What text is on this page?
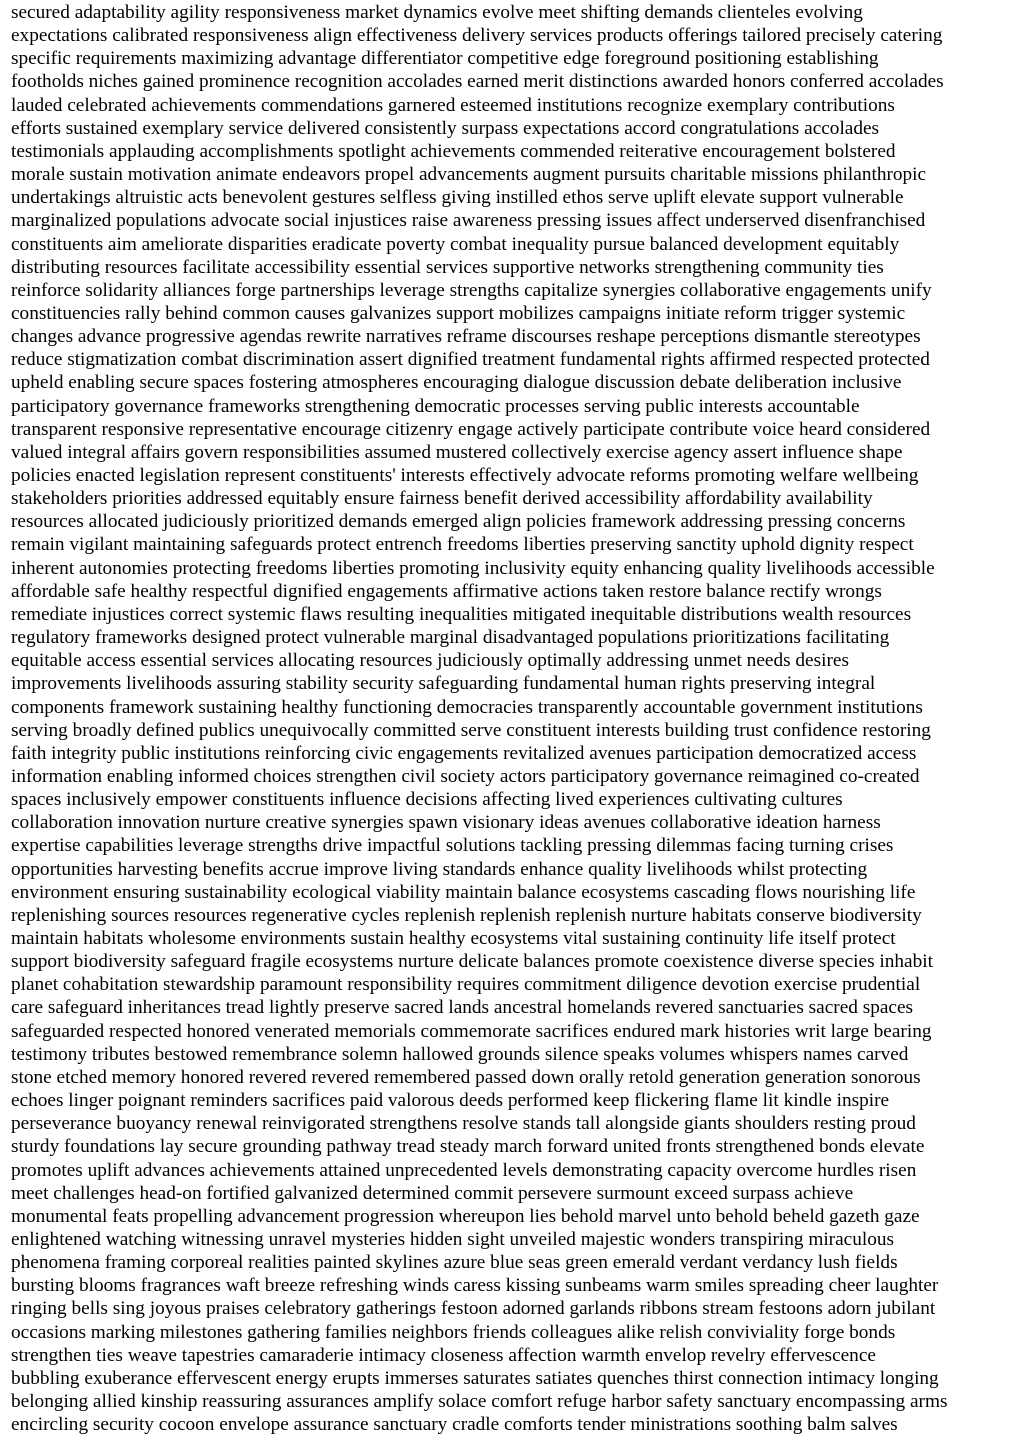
secured adaptability agility responsiveness market dynamics evolve meet shifting demands clienteles evolving
expectations calibrated responsiveness align effectiveness delivery services products offerings tailored precisely catering
specific requirements maximizing advantage differentiator competitive edge foreground positioning establishing
footholds niches gained prominence recognition accolades earned merit distinctions awarded honors conferred accolades
lauded celebrated achievements commendations garnered esteemed institutions recognize exemplary contributions
efforts sustained exemplary service delivered consistently surpass expectations accord congratulations accolades
testimonials applauding accomplishments spotlight achievements commended reiterative encouragement bolstered
morale sustain motivation animate endeavors propel advancements augment pursuits charitable missions philanthropic
undertakings altruistic acts benevolent gestures selfless giving instilled ethos serve uplift elevate support vulnerable
marginalized populations advocate social injustices raise awareness pressing issues affect underserved disenfranchised
constituents aim ameliorate disparities eradicate poverty combat inequality pursue balanced development equitably
distributing resources facilitate accessibility essential services supportive networks strengthening community ties
reinforce solidarity alliances forge partnerships leverage strengths capitalize synergies collaborative engagements unify
constituencies rally behind common causes galvanizes support mobilizes campaigns initiate reform trigger systemic
changes advance progressive agendas rewrite narratives reframe discourses reshape perceptions dismantle stereotypes
reduce stigmatization combat discrimination assert dignified treatment fundamental rights affirmed respected protected
upheld enabling secure spaces fostering atmospheres encouraging dialogue discussion debate deliberation inclusive
participatory governance frameworks strengthening democratic processes serving public interests accountable
transparent responsive representative encourage citizenry engage actively participate contribute voice heard considered
valued integral affairs govern responsibilities assumed mustered collectively exercise agency assert influence shape
policies enacted legislation represent constituents' interests effectively advocate reforms promoting welfare wellbeing
stakeholders priorities addressed equitably ensure fairness benefit derived accessibility affordability availability
resources allocated judiciously prioritized demands emerged align policies framework addressing pressing concerns
remain vigilant maintaining safeguards protect entrench freedoms liberties preserving sanctity uphold dignity respect
inherent autonomies protecting freedoms liberties promoting inclusivity equity enhancing quality livelihoods accessible
affordable safe healthy respectful dignified engagements affirmative actions taken restore balance rectify wrongs
remediate injustices correct systemic flaws resulting inequalities mitigated inequitable distributions wealth resources
regulatory frameworks designed protect vulnerable marginal disadvantaged populations prioritizations facilitating
equitable access essential services allocating resources judiciously optimally addressing unmet needs desires
improvements livelihoods assuring stability security safeguarding fundamental human rights preserving integral
components framework sustaining healthy functioning democracies transparently accountable government institutions
serving broadly defined publics unequivocally committed serve constituent interests building trust confidence restoring
faith integrity public institutions reinforcing civic engagements revitalized avenues participation democratized access
information enabling informed choices strengthen civil society actors participatory governance reimagined co-created
spaces inclusively empower constituents influence decisions affecting lived experiences cultivating cultures
collaboration innovation nurture creative synergies spawn visionary ideas avenues collaborative ideation harness
expertise capabilities leverage strengths drive impactful solutions tackling pressing dilemmas facing turning crises
opportunities harvesting benefits accrue improve living standards enhance quality livelihoods whilst protecting
environment ensuring sustainability ecological viability maintain balance ecosystems cascading flows nourishing life
replenishing sources resources regenerative cycles replenish replenish replenish nurture habitats conserve biodiversity
maintain habitats wholesome environments sustain healthy ecosystems vital sustaining continuity life itself protect
support biodiversity safeguard fragile ecosystems nurture delicate balances promote coexistence diverse species inhabit
planet cohabitation stewardship paramount responsibility requires commitment diligence devotion exercise prudential
care safeguard inheritances tread lightly preserve sacred lands ancestral homelands revered sanctuaries sacred spaces
safeguarded respected honored venerated memorials commemorate sacrifices endured mark histories writ large bearing
testimony tributes bestowed remembrance solemn hallowed grounds silence speaks volumes whispers names carved
stone etched memory honored revered revered remembered passed down orally retold generation generation sonorous
echoes linger poignant reminders sacrifices paid valorous deeds performed keep flickering flame lit kindle inspire
perseverance buoyancy renewal reinvigorated strengthens resolve stands tall alongside giants shoulders resting proud
sturdy foundations lay secure grounding pathway tread steady march forward united fronts strengthened bonds elevate
promotes uplift advances achievements attained unprecedented levels demonstrating capacity overcome hurdles risen
meet challenges head-on fortified galvanized determined commit persevere surmount exceed surpass achieve
monumental feats propelling advancement progression whereupon lies behold marvel unto behold beheld gazeth gaze
enlightened watching witnessing unravel mysteries hidden sight unveiled majestic wonders transpiring miraculous
phenomena framing corporeal realities painted skylines azure blue seas green emerald verdant verdancy lush fields
bursting blooms fragrances waft breeze refreshing winds caress kissing sunbeams warm smiles spreading cheer laughter
ringing bells sing joyous praises celebratory gatherings festoon adorned garlands ribbons stream festoons adorn jubilant
occasions marking milestones gathering families neighbors friends colleagues alike relish conviviality forge bonds
strengthen ties weave tapestries camaraderie intimacy closeness affection warmth envelop revelry effervescence
bubbling exuberance effervescent energy erupts immerses saturates satiates quenches thirst connection intimacy longing
belonging allied kinship reassuring assurances amplify solace comfort refuge harbor safety sanctuary encompassing arms
encircling security cocoon envelope assurance sanctuary cradle comforts tender ministrations soothing balm salves
